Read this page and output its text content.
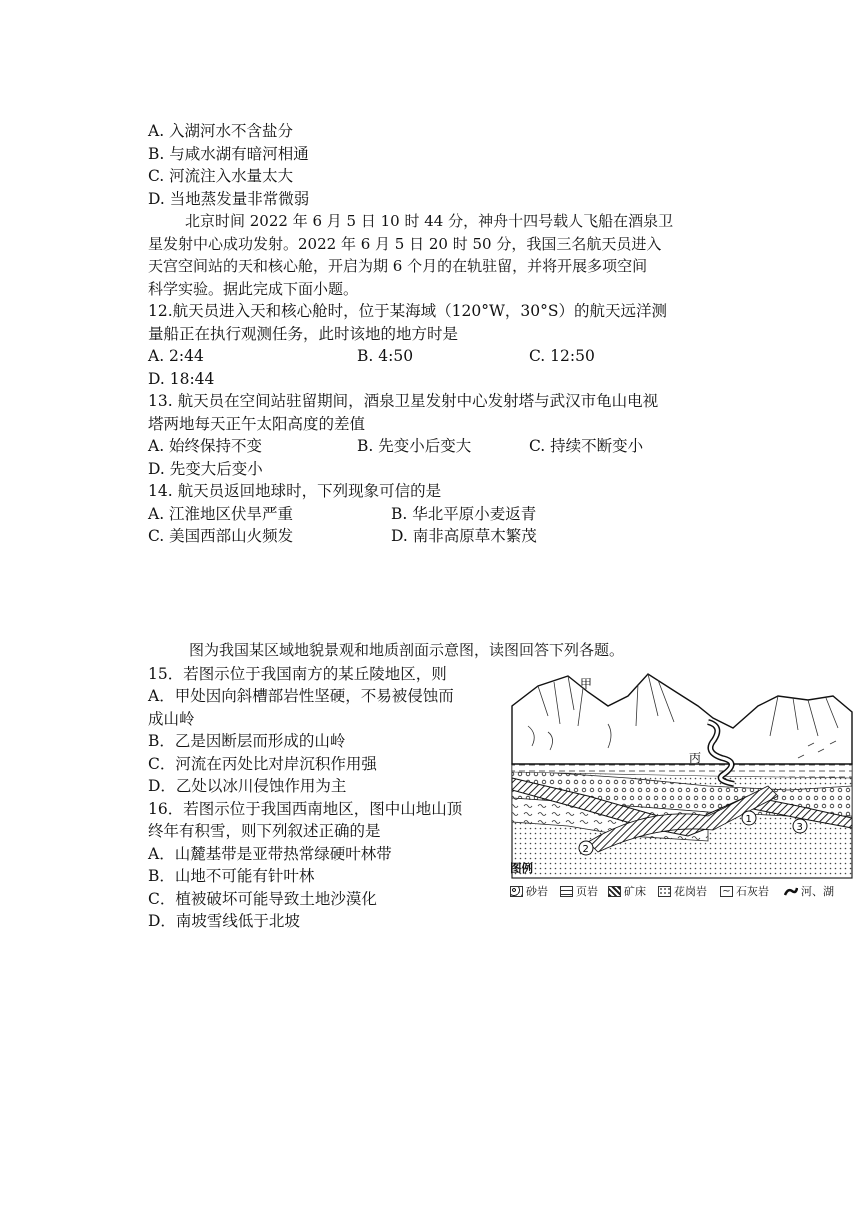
A. 入湖河水不含盐分
B. 与咸水湖有暗河相通
C. 河流注入水量太大
D. 当地蒸发量非常微弱
北京时间 2022 年 6 月 5 日 10 时 44 分，神舟十四号载人飞船在酒泉卫
星发射中心成功发射。2022 年 6 月 5 日 20 时 50 分，我国三名航天员进入
天宫空间站的天和核心舱，开启为期 6 个月的在轨驻留，并将开展多项空间
科学实验。据此完成下面小题。
12.航天员进入天和核心舱时，位于某海域（120°W，30°S）的航天远洋测
量船正在执行观测任务，此时该地的地方时是
A. 2:44	B. 4:50	C. 12:50
D. 18:44
13. 航天员在空间站驻留期间，酒泉卫星发射中心发射塔与武汉市龟山电视
塔两地每天正午太阳高度的差值
A. 始终保持不变	B. 先变小后变大	C. 持续不断变小
D. 先变大后变小
14. 航天员返回地球时，下列现象可信的是
A. 江淮地区伏旱严重	B. 华北平原小麦返青
C. 美国西部山火频发	D. 南非高原草木繁茂
图为我国某区域地貌景观和地质剖面示意图，读图回答下列各题。
15．若图示位于我国南方的某丘陵地区，则
A．甲处因向斜槽部岩性坚硬，不易被侵蚀而
成山岭
B．乙是因断层而形成的山岭
C．河流在丙处比对岸沉积作用强
D．乙处以冰川侵蚀作用为主
16．若图示位于我国西南地区，图中山地山顶
终年有积雪，则下列叙述正确的是
A．山麓基带是亚带热常绿硬叶林带
B．山地不可能有针叶林
C．植被破坏可能导致土地沙漠化
D．南坡雪线低于北坡
甲
丙
1
2
3
图例
砂岩	页岩 矿床	花岗岩 ~ 石灰岩	河、湖
